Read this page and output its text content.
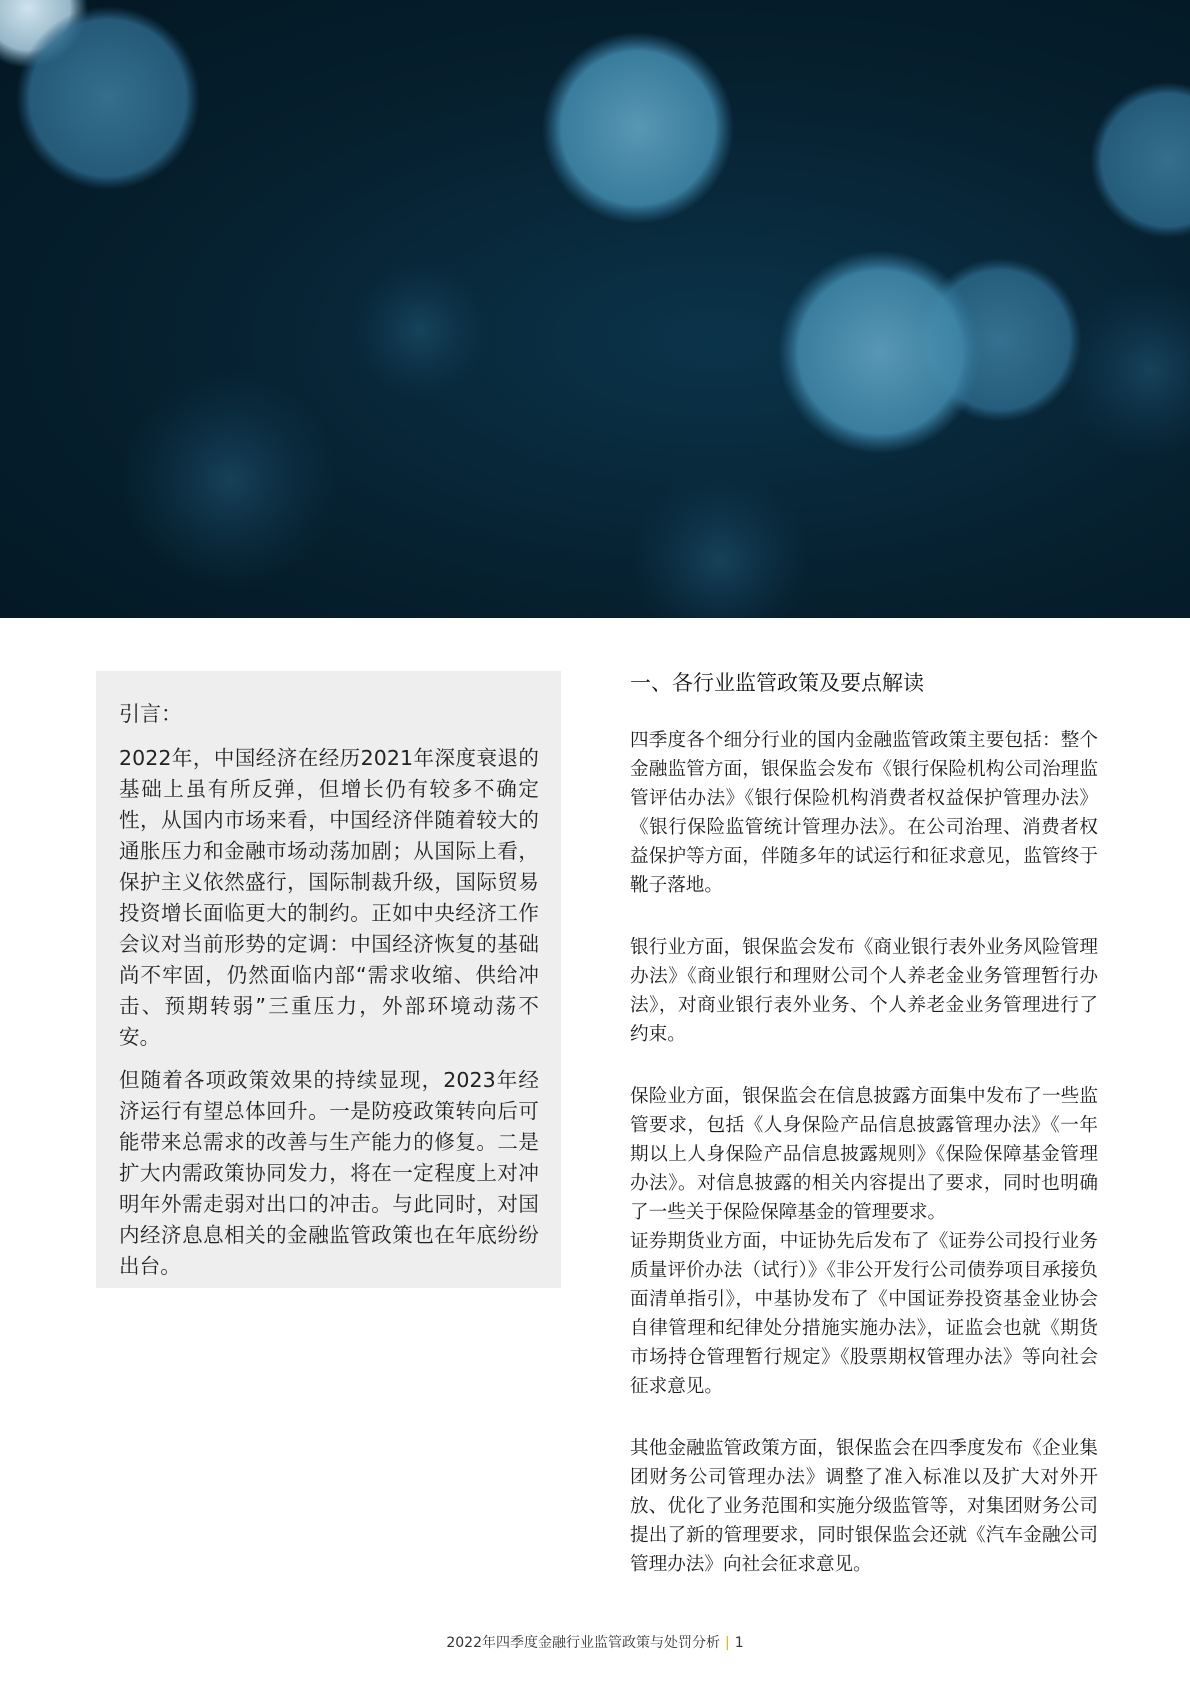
引言：

2022年，中国经济在经历2021年深度衰退的基础上虽有所反弹，但增长仍有较多不确定性，从国内市场来看，中国经济伴随着较大的通胀压力和金融市场动荡加剧；从国际上看，保护主义依然盛行，国际制裁升级，国际贸易投资增长面临更大的制约。正如中央经济工作会议对当前形势的定调：中国经济恢复的基础尚不牢固，仍然面临内部“需求收缩、供给冲击、预期转弱”三重压力，外部环境动荡不安。

但随着各项政策效果的持续显现，2023年经济运行有望总体回升。一是防疫政策转向后可能带来总需求的改善与生产能力的修复。二是扩大内需政策协同发力，将在一定程度上对冲明年外需走弱对出口的冲击。与此同时，对国内经济息息相关的金融监管政策也在年底纷纷出台。

一、各行业监管政策及要点解读

四季度各个细分行业的国内金融监管政策主要包括：整个金融监管方面，银保监会发布《银行保险机构公司治理监管评估办法》《银行保险机构消费者权益保护管理办法》《银行保险监管统计管理办法》。在公司治理、消费者权益保护等方面，伴随多年的试运行和征求意见，监管终于靴子落地。

银行业方面，银保监会发布《商业银行表外业务风险管理办法》《商业银行和理财公司个人养老金业务管理暂行办法》，对商业银行表外业务、个人养老金业务管理进行了约束。

保险业方面，银保监会在信息披露方面集中发布了一些监管要求，包括《人身保险产品信息披露管理办法》《一年期以上人身保险产品信息披露规则》《保险保障基金管理办法》。对信息披露的相关内容提出了要求，同时也明确了一些关于保险保障基金的管理要求。

证券期货业方面，中证协先后发布了《证券公司投行业务质量评价办法（试行）》《非公开发行公司债券项目承接负面清单指引》，中基协发布了《中国证券投资基金业协会自律管理和纪律处分措施实施办法》，证监会也就《期货市场持仓管理暂行规定》《股票期权管理办法》等向社会征求意见。

其他金融监管政策方面，银保监会在四季度发布《企业集团财务公司管理办法》调整了准入标准以及扩大对外开放、优化了业务范围和实施分级监管等，对集团财务公司提出了新的管理要求，同时银保监会还就《汽车金融公司管理办法》向社会征求意见。

2022年四季度金融行业监管政策与处罚分析 | 1
